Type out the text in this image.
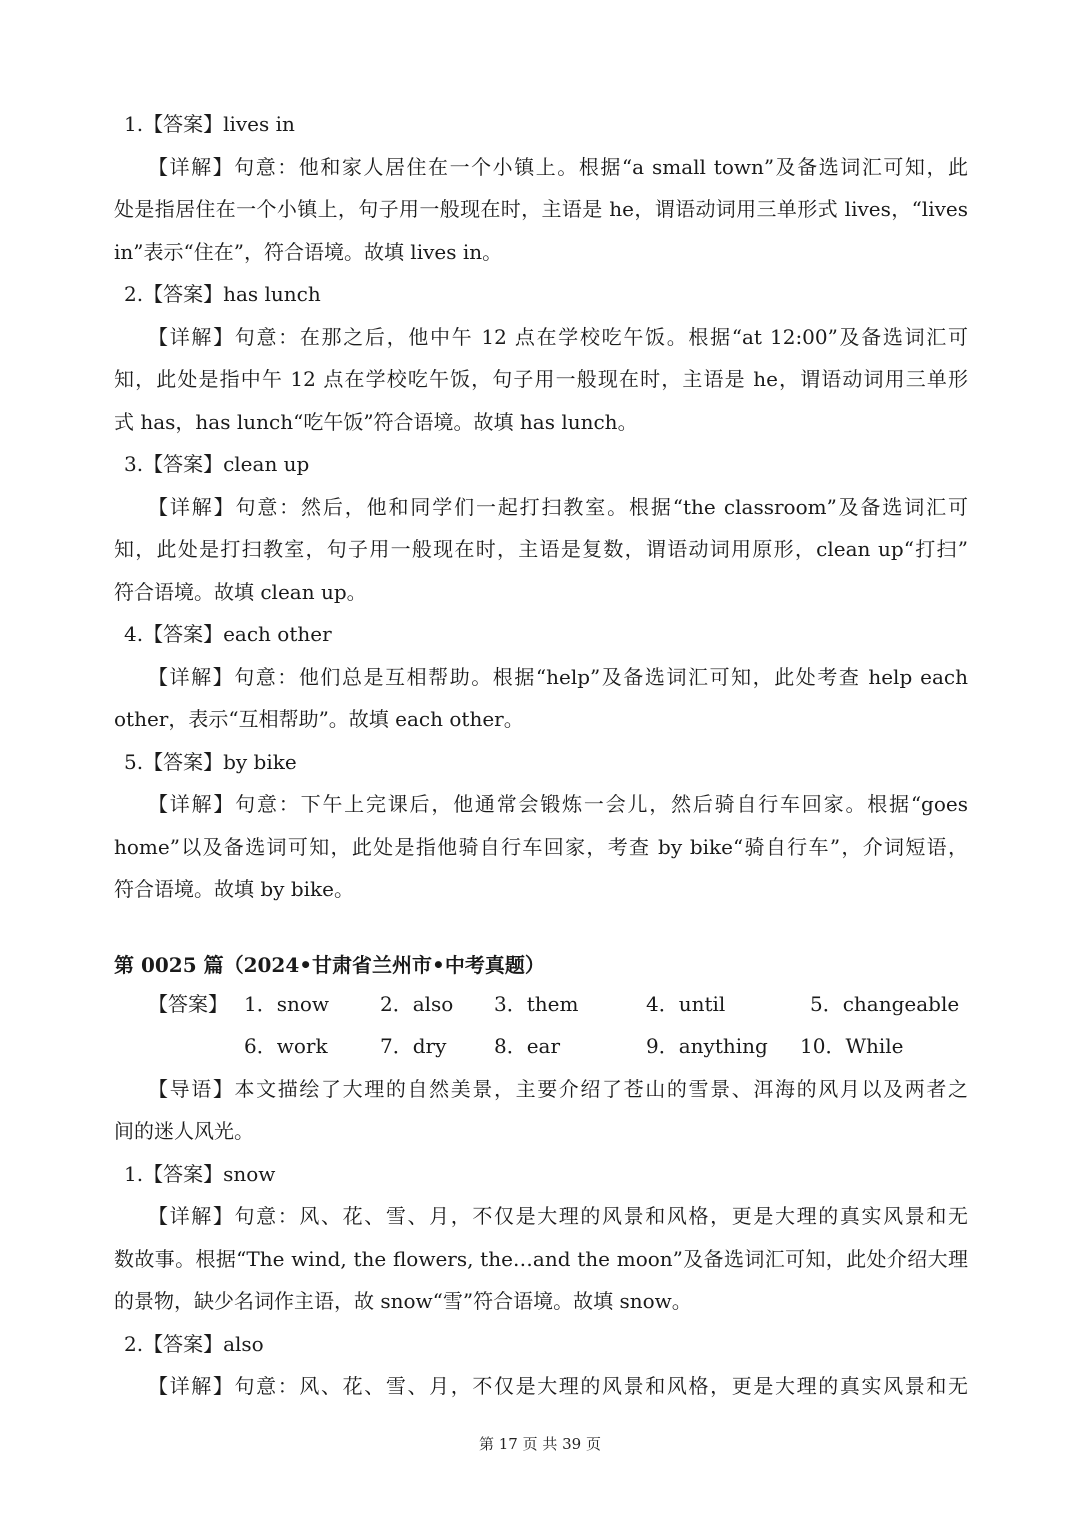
1.【答案】lives in
【详解】句意：他和家人居住在一个小镇上。根据“a small town”及备选词汇可知，此
处是指居住在一个小镇上，句子用一般现在时，主语是 he，谓语动词用三单形式 lives，“lives
in”表示“住在”，符合语境。故填 lives in。
2.【答案】has lunch
【详解】句意：在那之后，他中午 12 点在学校吃午饭。根据“at 12:00”及备选词汇可
知，此处是指中午 12 点在学校吃午饭，句子用一般现在时，主语是 he，谓语动词用三单形
式 has，has lunch“吃午饭”符合语境。故填 has lunch。
3.【答案】clean up
【详解】句意：然后，他和同学们一起打扫教室。根据“the classroom”及备选词汇可
知，此处是打扫教室，句子用一般现在时，主语是复数，谓语动词用原形，clean up“打扫”
符合语境。故填 clean up。
4.【答案】each other
【详解】句意：他们总是互相帮助。根据“help”及备选词汇可知，此处考查 help each
other，表示“互相帮助”。故填 each other。
5.【答案】by bike
【详解】句意：下午上完课后，他通常会锻炼一会儿，然后骑自行车回家。根据“goes
home”以及备选词可知，此处是指他骑自行车回家，考查 by bike“骑自行车”，介词短语，
符合语境。故填 by bike。
第 0025 篇（2024•甘肃省兰州市•中考真题）
【导语】本文描绘了大理的自然美景，主要介绍了苍山的雪景、洱海的风月以及两者之
间的迷人风光。
1.【答案】snow
【详解】句意：风、花、雪、月，不仅是大理的风景和风格，更是大理的真实风景和无
数故事。根据“The wind, the flowers, the…and the moon”及备选词汇可知，此处介绍大理
的景物，缺少名词作主语，故 snow“雪”符合语境。故填 snow。
2.【答案】also
【详解】句意：风、花、雪、月，不仅是大理的风景和风格，更是大理的真实风景和无
【答案】 1．snow	2．also 3．them	4．until	5．changeable
6．work	7．dry 8．ear	9．anything 10．While
第 17 页 共 39 页
